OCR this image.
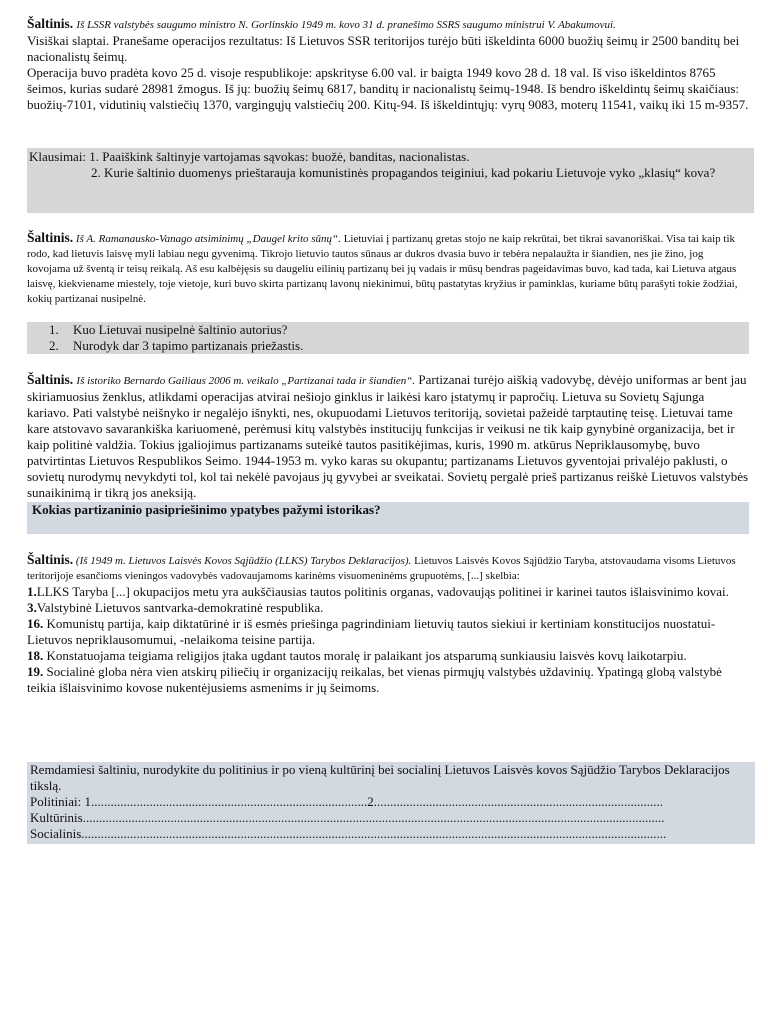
Šaltinis. Iš LSSR valstybės saugumo ministro N. Gorlinskio 1949 m. kovo 31 d. pranešimo SSRS saugumo ministrui V. Abakumovui.

Visiškai slaptai. Pranešame operacijos rezultatus: Iš Lietuvos SSR teritorijos turėjo būti iškeldinta 6000 buožių šeimų ir 2500 banditų bei nacionalistų šeimų.

Operacija buvo pradėta kovo 25 d. visoje respublikoje: apskrityse 6.00 val. ir baigta 1949 kovo 28 d. 18 val. Iš viso iškeldintos 8765 šeimos, kurias sudarė 28981 žmogus. Iš jų: buožių šeimų 6817, banditų ir nacionalistų šeimų-1948. Iš bendro iškeldintų šeimų skaičiaus: buožių-7101, vidutinių valstiečių 1370, vargingųjų valstiečių 200. Kitų-94. Iš iškeldintųjų: vyrų 9083, moterų 11541, vaikų iki 15 m-9357.

Klausimai: 1. Paaiškink šaltinyje vartojamas sąvokas: buožė, banditas, nacionalistas.

2. Kurie šaltinio duomenys prieštarauja komunistinės propagandos teiginiui, kad pokariu Lietuvoje vyko „klasių“ kova?

Šaltinis. Iš A. Ramanausko-Vanago atsiminimų „Daugel krito sūnų“. Lietuviai į partizanų gretas stojo ne kaip rekrūtai, bet tikrai savanoriškai. Visa tai kaip tik rodo, kad lietuvis laisvę myli labiau negu gyvenimą. Tikrojo lietuvio tautos sūnaus ar dukros dvasia buvo ir tebėra nepalaužta ir šiandien, nes jie žino, jog kovojama už šventą ir teisų reikalą. Aš esu kalbėjęsis su daugeliu eilinių partizanų bei jų vadais ir mūsų bendras pageidavimas buvo, kad tada, kai Lietuva atgaus laisvę, kiekviename miestely, toje vietoje, kuri buvo skirta partizanų lavonų niekinimui, būtų pastatytas kryžius ir paminklas, kuriame būtų parašyti tokie žodžiai, kokių partizanai nusipelnė.

1.	Kuo Lietuvai nusipelnė šaltinio autorius?
2.	Nurodyk dar 3 tapimo partizanais priežastis.

Šaltinis. Iš istoriko Bernardo Gailiaus 2006 m. veikalo „Partizanai tada ir šiandien“. Partizanai turėjo aiškią vadovybę, dėvėjo uniformas ar bent jau skiriamuosius ženklus, atlikdami operacijas atvirai nešiojo ginklus ir laikėsi karo įstatymų ir papročių. Lietuva su Sovietų Sąjunga kariavo. Pati valstybė neišnyko ir negalėjo išnykti, nes, okupuodami Lietuvos teritoriją, sovietai pažeidė tarptautinę teisę. Lietuvai tame kare atstovavo savarankiška kariuomenė, perėmusi kitų valstybės institucijų funkcijas ir veikusi ne tik kaip gynybinė organizacija, bet ir kaip politinė valdžia. Tokius įgaliojimus partizanams suteikė tautos pasitikėjimas, kuris, 1990 m. atkūrus Nepriklausomybę, buvo patvirtintas Lietuvos Respublikos Seimo. 1944-1953 m. vyko karas su okupantu; partizanams Lietuvos gyventojai privalėjo paklusti, o sovietų nurodymų nevykdyti tol, kol tai nekėlė pavojaus jų gyvybei ar sveikatai. Sovietų pergalė prieš partizanus reiškė Lietuvos valstybės sunaikinimą ir tikrą jos aneksiją.

Kokias partizaninio pasipriešinimo ypatybes pažymi istorikas?

Šaltinis. (Iš 1949 m. Lietuvos Laisvės Kovos Sąjūdžio (LLKS) Tarybos Deklaracijos). Lietuvos Laisvės Kovos Sąjūdžio Taryba, atstovaudama visoms Lietuvos teritorijoje esančioms vieningos vadovybės vadovaujamoms karinėms visuomeninėms grupuotėms, [...] skelbia:

1.LLKS Taryba [...] okupacijos metu yra aukščiausias tautos politinis organas, vadovaująs politinei ir karinei tautos išlaisvinimo kovai.

3.Valstybinė Lietuvos santvarka-demokratinė respublika.

16. Komunistų partija, kaip diktatūrinė ir iš esmės priešinga pagrindiniam lietuvių tautos siekiui ir kertiniam konstitucijos nuostatui-Lietuvos nepriklausomumui, -nelaikoma teisine partija.

18. Konstatuojama teigiama religijos įtaka ugdant tautos moralę ir palaikant jos atsparumą sunkiausiu laisvės kovų laikotarpiu.

19. Socialinė globa nėra vien atskirų piliečių ir organizacijų reikalas, bet vienas pirmųjų valstybės uždavinių. Ypatingą globą valstybė teikia išlaisvinimo kovose nukentėjusiems asmenims ir jų šeimoms.

Remdamiesi šaltiniu, nurodykite du politinius ir po vieną kultūrinį bei socialinį Lietuvos Laisvės kovos Sąjūdžio Tarybos Deklaracijos tikslą.

Politiniai: 1.....................................................................................2.........................................................................................

Kultūrinis...................................................................................................................................................................................

Socialinis....................................................................................................................................................................................
